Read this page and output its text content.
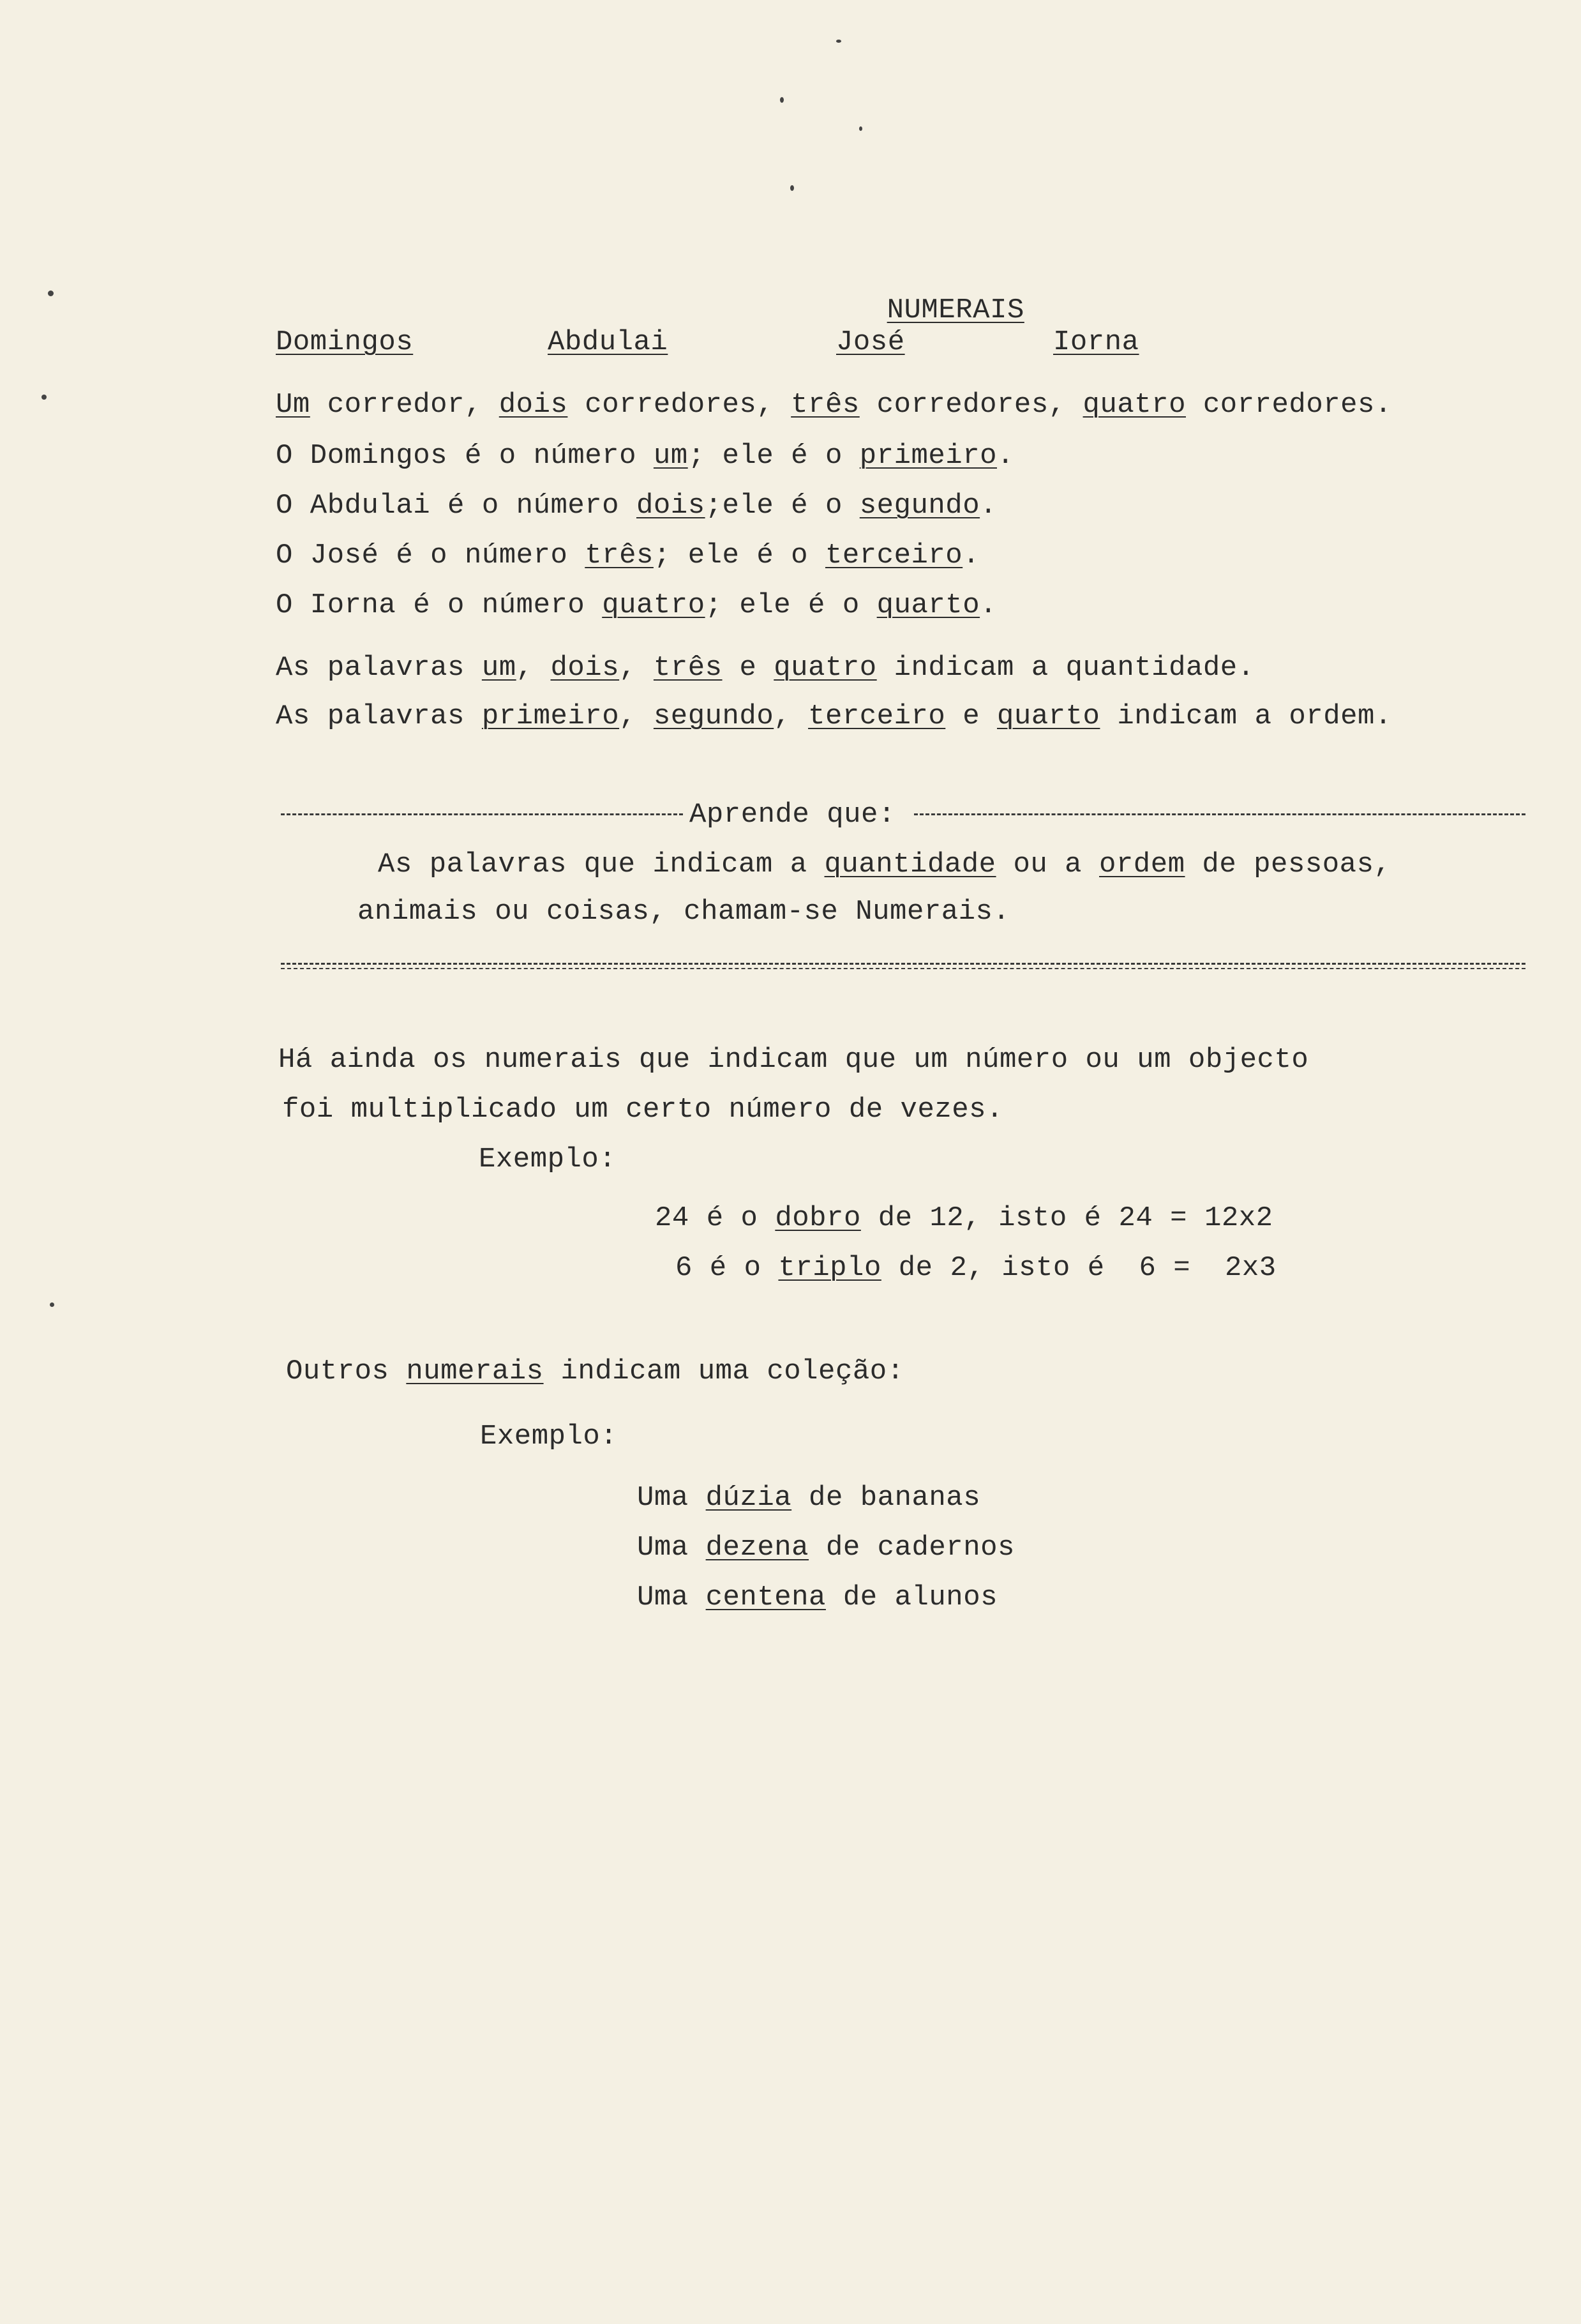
NUMERAIS

Domingos	Abdulai	José	Iorna
Um corredor, dois corredores, três corredores, quatro corredores.
O Domingos é o número um; ele é o primeiro.
O Abdulai é o número dois;ele é o segundo.
O José é o número três; ele é o terceiro.
O Iorna é o número quatro; ele é o quarto.
As palavras um, dois, três e quatro indicam a quantidade.
As palavras primeiro, segundo, terceiro e quarto indicam a ordem.
Aprende que:
As palavras que indicam a quantidade ou a ordem de pessoas,
animais ou coisas, chamam-se Numerais.
Há ainda os numerais que indicam que um número ou um objecto
foi multiplicado um certo número de vezes.
Exemplo:
24 é o dobro de 12, isto é 24 = 12x2
6 é o triplo de 2, isto é  6 =  2x3
Outros numerais indicam uma coleção:
Exemplo:
Uma dúzia de bananas
Uma dezena de cadernos
Uma centena de alunos
